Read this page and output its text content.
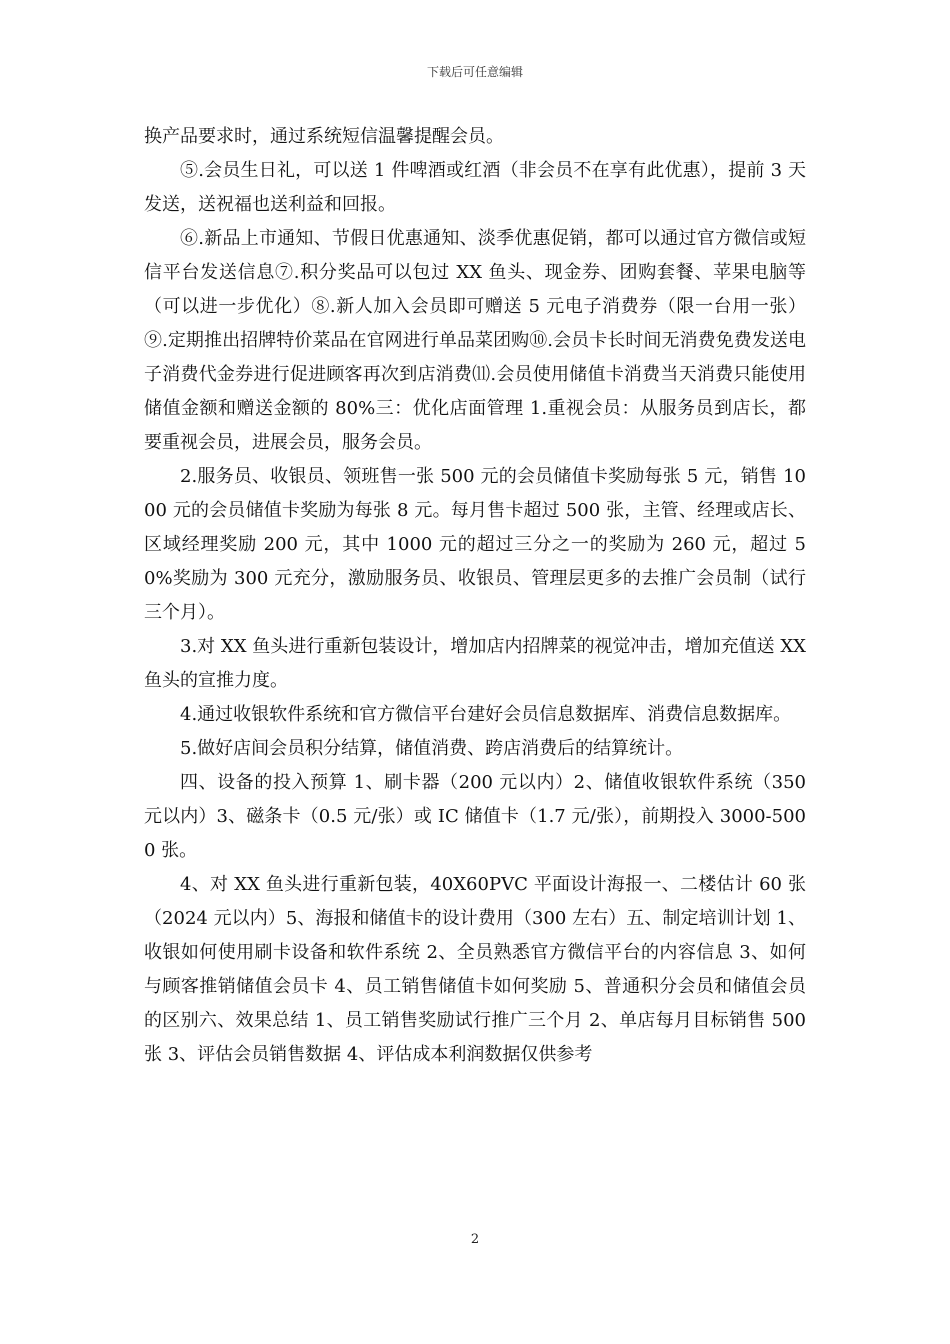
下载后可任意编辑

换产品要求时，通过系统短信温馨提醒会员。

⑤.会员生日礼，可以送 1 件啤酒或红酒（非会员不在享有此优惠），提前 3 天发送，送祝福也送利益和回报。

⑥.新品上市通知、节假日优惠通知、淡季优惠促销，都可以通过官方微信或短信平台发送信息⑦.积分奖品可以包过 XX 鱼头、现金券、团购套餐、苹果电脑等（可以进一步优化）⑧.新人加入会员即可赠送 5 元电子消费券（限一台用一张）⑨.定期推出招牌特价菜品在官网进行单品菜团购⑩.会员卡长时间无消费免费发送电子消费代金券进行促进顾客再次到店消费⑾.会员使用储值卡消费当天消费只能使用储值金额和赠送金额的 80%三：优化店面管理 1.重视会员：从服务员到店长，都要重视会员，进展会员，服务会员。

2.服务员、收银员、领班售一张 500 元的会员储值卡奖励每张 5 元，销售 1000 元的会员储值卡奖励为每张 8 元。每月售卡超过 500 张，主管、经理或店长、区域经理奖励 200 元，其中 1000 元的超过三分之一的奖励为 260 元，超过 50%奖励为 300 元充分，激励服务员、收银员、管理层更多的去推广会员制（试行三个月）。

3.对 XX 鱼头进行重新包装设计，增加店内招牌菜的视觉冲击，增加充值送 XX 鱼头的宣推力度。

4.通过收银软件系统和官方微信平台建好会员信息数据库、消费信息数据库。

5.做好店间会员积分结算，储值消费、跨店消费后的结算统计。

四、设备的投入预算 1、刷卡器（200 元以内）2、储值收银软件系统（350 元以内）3、磁条卡（0.5 元/张）或 IC 储值卡（1.7 元/张），前期投入 3000-5000 张。

4、对 XX 鱼头进行重新包装，40X60PVC 平面设计海报一、二楼估计 60 张（2024 元以内）5、海报和储值卡的设计费用（300 左右）五、制定培训计划 1、收银如何使用刷卡设备和软件系统 2、全员熟悉官方微信平台的内容信息 3、如何与顾客推销储值会员卡 4、员工销售储值卡如何奖励 5、普通积分会员和储值会员的区别六、效果总结 1、员工销售奖励试行推广三个月 2、单店每月目标销售 500 张 3、评估会员销售数据 4、评估成本利润数据仅供参考

2
